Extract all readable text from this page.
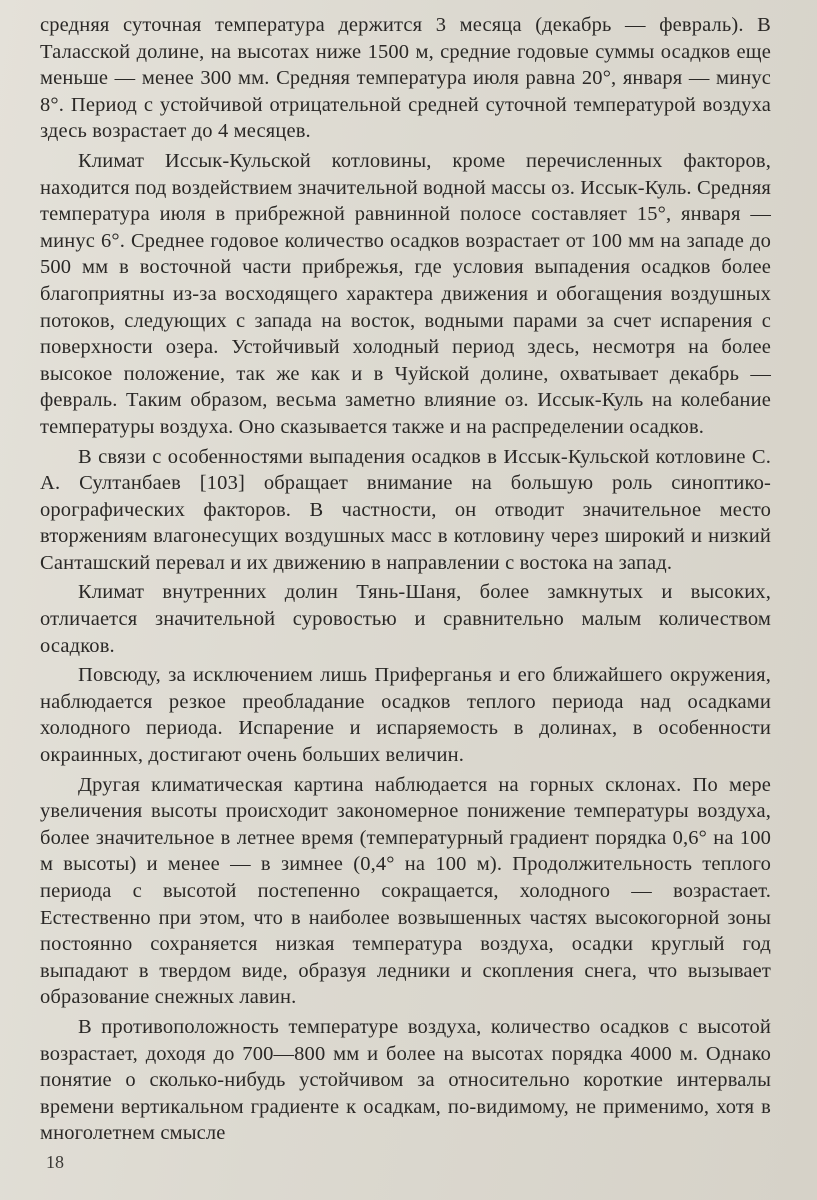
средняя суточная температура держится 3 месяца (декабрь — февраль). В Таласской долине, на высотах ниже 1500 м, средние годовые суммы осадков еще меньше — менее 300 мм. Средняя температура июля равна 20°, января — минус 8°. Период с устойчивой отрицательной средней суточной температурой воздуха здесь возрастает до 4 месяцев.

Климат Иссык-Кульской котловины, кроме перечисленных факторов, находится под воздействием значительной водной массы оз. Иссык-Куль. Средняя температура июля в прибрежной равнинной полосе составляет 15°, января — минус 6°. Среднее годовое количество осадков возрастает от 100 мм на западе до 500 мм в восточной части прибрежья, где условия выпадения осадков более благоприятны из-за восходящего характера движения и обогащения воздушных потоков, следующих с запада на восток, водными парами за счет испарения с поверхности озера. Устойчивый холодный период здесь, несмотря на более высокое положение, так же как и в Чуйской долине, охватывает декабрь — февраль. Таким образом, весьма заметно влияние оз. Иссык-Куль на колебание температуры воздуха. Оно сказывается также и на распределении осадков.

В связи с особенностями выпадения осадков в Иссык-Кульской котловине С. А. Султанбаев [103] обращает внимание на большую роль синоптико-орографических факторов. В частности, он отводит значительное место вторжениям влагонесущих воздушных масс в котловину через широкий и низкий Санташский перевал и их движению в направлении с востока на запад.

Климат внутренних долин Тянь-Шаня, более замкнутых и высоких, отличается значительной суровостью и сравнительно малым количеством осадков.

Повсюду, за исключением лишь Приферганья и его ближайшего окружения, наблюдается резкое преобладание осадков теплого периода над осадками холодного периода. Испарение и испаряемость в долинах, в особенности окраинных, достигают очень больших величин.

Другая климатическая картина наблюдается на горных склонах. По мере увеличения высоты происходит закономерное понижение температуры воздуха, более значительное в летнее время (температурный градиент порядка 0,6° на 100 м высоты) и менее — в зимнее (0,4° на 100 м). Продолжительность теплого периода с высотой постепенно сокращается, холодного — возрастает. Естественно при этом, что в наиболее возвышенных частях высокогорной зоны постоянно сохраняется низкая температура воздуха, осадки круглый год выпадают в твердом виде, образуя ледники и скопления снега, что вызывает образование снежных лавин.

В противоположность температуре воздуха, количество осадков с высотой возрастает, доходя до 700—800 мм и более на высотах порядка 4000 м. Однако понятие о сколько-нибудь устойчивом за относительно короткие интервалы времени вертикальном градиенте к осадкам, по-видимому, не применимо, хотя в многолетнем смысле

18
